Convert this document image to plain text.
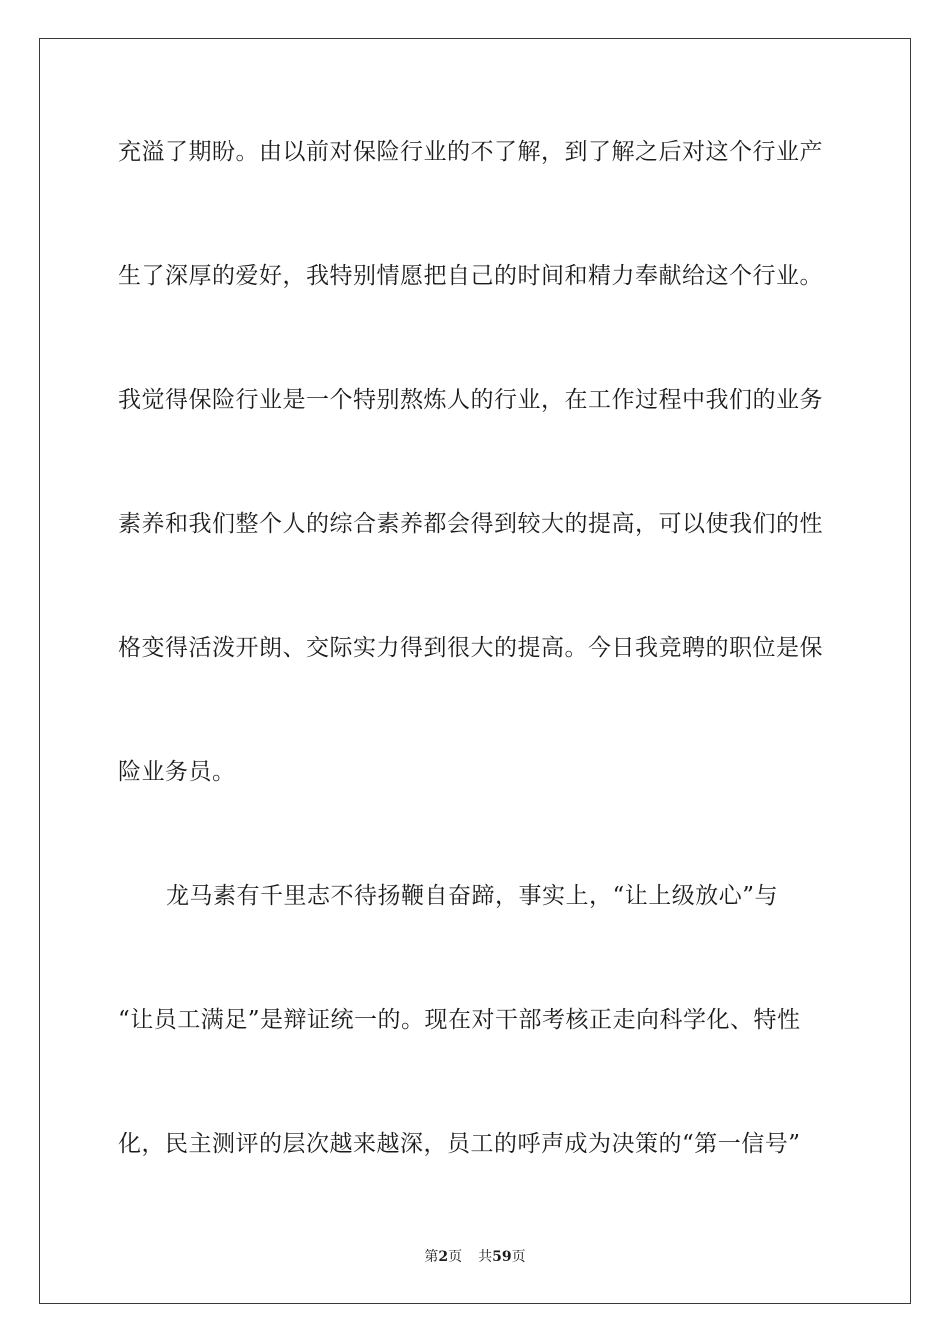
充溢了期盼。由以前对保险行业的不了解，到了解之后对这个行业产
生了深厚的爱好，我特别情愿把自己的时间和精力奉献给这个行业。
我觉得保险行业是一个特别熬炼人的行业，在工作过程中我们的业务
素养和我们整个人的综合素养都会得到较大的提高，可以使我们的性
格变得活泼开朗、交际实力得到很大的提高。今日我竞聘的职位是保
险业务员。
龙马素有千里志不待扬鞭自奋蹄，事实上，“让上级放心”与
“让员工满足”是辩证统一的。现在对干部考核正走向科学化、特性
化，民主测评的层次越来越深，员工的呼声成为决策的“第一信号”
第2页 共59页
